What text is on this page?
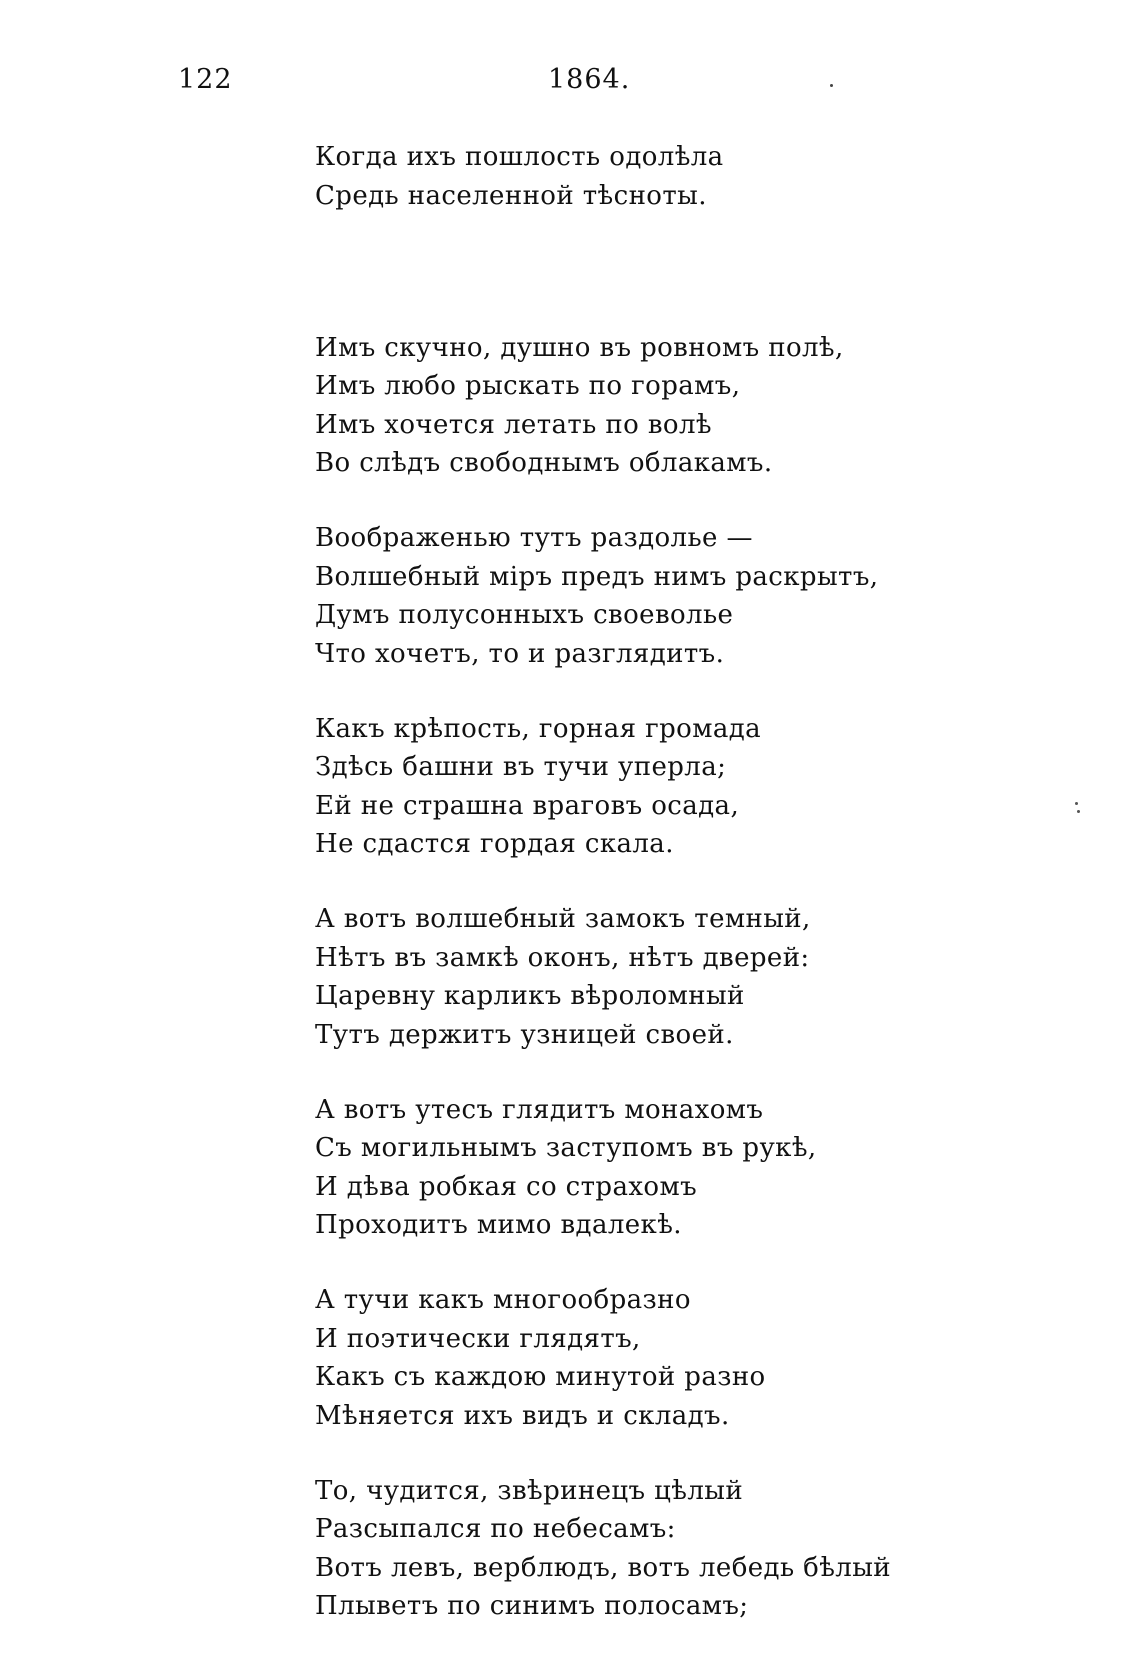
122	1864.
Когда ихъ пошлость одолѣла
Средь населенной тѣсноты.
Имъ скучно, душно въ ровномъ полѣ,
Имъ любо рыскать по горамъ,
Имъ хочется летать по волѣ
Во слѣдъ свободнымъ облакамъ.
Воображенью тутъ раздолье —
Волшебный міръ предъ нимъ раскрытъ,
Думъ полусонныхъ своеволье
Что хочетъ, то и разглядитъ.
Какъ крѣпость, горная громада
Здѣсь башни въ тучи уперла;
Ей не страшна враговъ осада,
Не сдастся гордая скала.
А вотъ волшебный замокъ темный,
Нѣтъ въ замкѣ оконъ, нѣтъ дверей:
Царевну карликъ вѣроломный
Тутъ держитъ узницей своей.
А вотъ утесъ глядитъ монахомъ
Съ могильнымъ заступомъ въ рукѣ,
И дѣва робкая со страхомъ
Проходитъ мимо вдалекѣ.
А тучи какъ многообразно
И поэтически глядятъ,
Какъ съ каждою минутой разно
Мѣняется ихъ видъ и складъ.
То, чудится, звѣринецъ цѣлый
Разсыпался по небесамъ:
Вотъ левъ, верблюдъ, вотъ лебедь бѣлый
Плыветъ по синимъ полосамъ;
